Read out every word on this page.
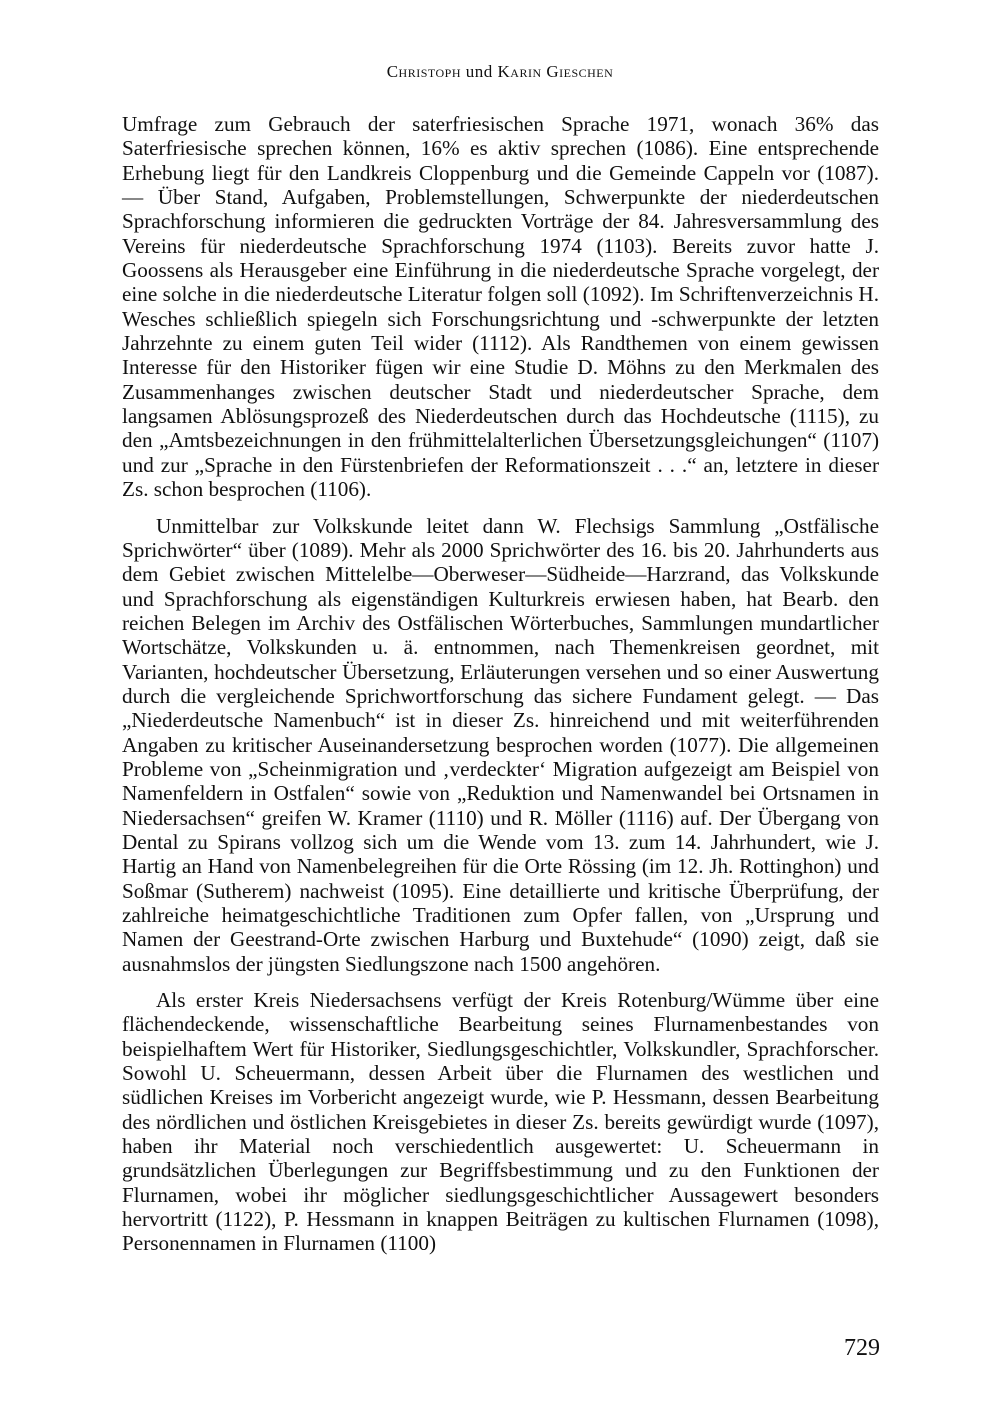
Christoph und Karin Gieschen

Umfrage zum Gebrauch der saterfriesischen Sprache 1971, wonach 36% das Saterfriesische sprechen können, 16% es aktiv sprechen (1086). Eine entsprechende Erhebung liegt für den Landkreis Cloppenburg und die Gemeinde Cappeln vor (1087). — Über Stand, Aufgaben, Problemstellungen, Schwerpunkte der niederdeutschen Sprachforschung informieren die gedruckten Vorträge der 84. Jahresversammlung des Vereins für niederdeutsche Sprachforschung 1974 (1103). Bereits zuvor hatte J. Goossens als Herausgeber eine Einführung in die niederdeutsche Sprache vorgelegt, der eine solche in die niederdeutsche Literatur folgen soll (1092). Im Schriftenverzeichnis H. Wesches schließlich spiegeln sich Forschungsrichtung und -schwerpunkte der letzten Jahrzehnte zu einem guten Teil wider (1112). Als Randthemen von einem gewissen Interesse für den Historiker fügen wir eine Studie D. Möhns zu den Merkmalen des Zusammenhanges zwischen deutscher Stadt und niederdeutscher Sprache, dem langsamen Ablösungsprozeß des Niederdeutschen durch das Hochdeutsche (1115), zu den „Amtsbezeichnungen in den frühmittelalterlichen Übersetzungsgleichungen“ (1107) und zur „Sprache in den Fürstenbriefen der Reformationszeit . . .“ an, letztere in dieser Zs. schon besprochen (1106).

Unmittelbar zur Volkskunde leitet dann W. Flechsigs Sammlung „Ostfälische Sprichwörter“ über (1089). Mehr als 2000 Sprichwörter des 16. bis 20. Jahrhunderts aus dem Gebiet zwischen Mittelelbe—Oberweser—Südheide—Harzrand, das Volkskunde und Sprachforschung als eigenständigen Kulturkreis erwiesen haben, hat Bearb. den reichen Belegen im Archiv des Ostfälischen Wörterbuches, Sammlungen mundartlicher Wortschätze, Volkskunden u. ä. entnommen, nach Themenkreisen geordnet, mit Varianten, hochdeutscher Übersetzung, Erläuterungen versehen und so einer Auswertung durch die vergleichende Sprichwortforschung das sichere Fundament gelegt. — Das „Niederdeutsche Namenbuch“ ist in dieser Zs. hinreichend und mit weiterführenden Angaben zu kritischer Auseinandersetzung besprochen worden (1077). Die allgemeinen Probleme von „Scheinmigration und ‚verdeckter‘ Migration aufgezeigt am Beispiel von Namenfeldern in Ostfalen“ sowie von „Reduktion und Namenwandel bei Ortsnamen in Niedersachsen“ greifen W. Kramer (1110) und R. Möller (1116) auf. Der Übergang von Dental zu Spirans vollzog sich um die Wende vom 13. zum 14. Jahrhundert, wie J. Hartig an Hand von Namenbelegreihen für die Orte Rössing (im 12. Jh. Rottinghon) und Soßmar (Sutherem) nachweist (1095). Eine detaillierte und kritische Überprüfung, der zahlreiche heimatgeschichtliche Traditionen zum Opfer fallen, von „Ursprung und Namen der Geestrand-Orte zwischen Harburg und Buxtehude“ (1090) zeigt, daß sie ausnahmslos der jüngsten Siedlungszone nach 1500 angehören.

Als erster Kreis Niedersachsens verfügt der Kreis Rotenburg/Wümme über eine flächendeckende, wissenschaftliche Bearbeitung seines Flurnamenbestandes von beispielhaftem Wert für Historiker, Siedlungsgeschichtler, Volkskundler, Sprachforscher. Sowohl U. Scheuermann, dessen Arbeit über die Flurnamen des westlichen und südlichen Kreises im Vorbericht angezeigt wurde, wie P. Hessmann, dessen Bearbeitung des nördlichen und östlichen Kreisgebietes in dieser Zs. bereits gewürdigt wurde (1097), haben ihr Material noch verschiedentlich ausgewertet: U. Scheuermann in grundsätzlichen Überlegungen zur Begriffsbestimmung und zu den Funktionen der Flurnamen, wobei ihr möglicher siedlungsgeschichtlicher Aussagewert besonders hervortritt (1122), P. Hessmann in knappen Beiträgen zu kultischen Flurnamen (1098), Personennamen in Flurnamen (1100)

729
